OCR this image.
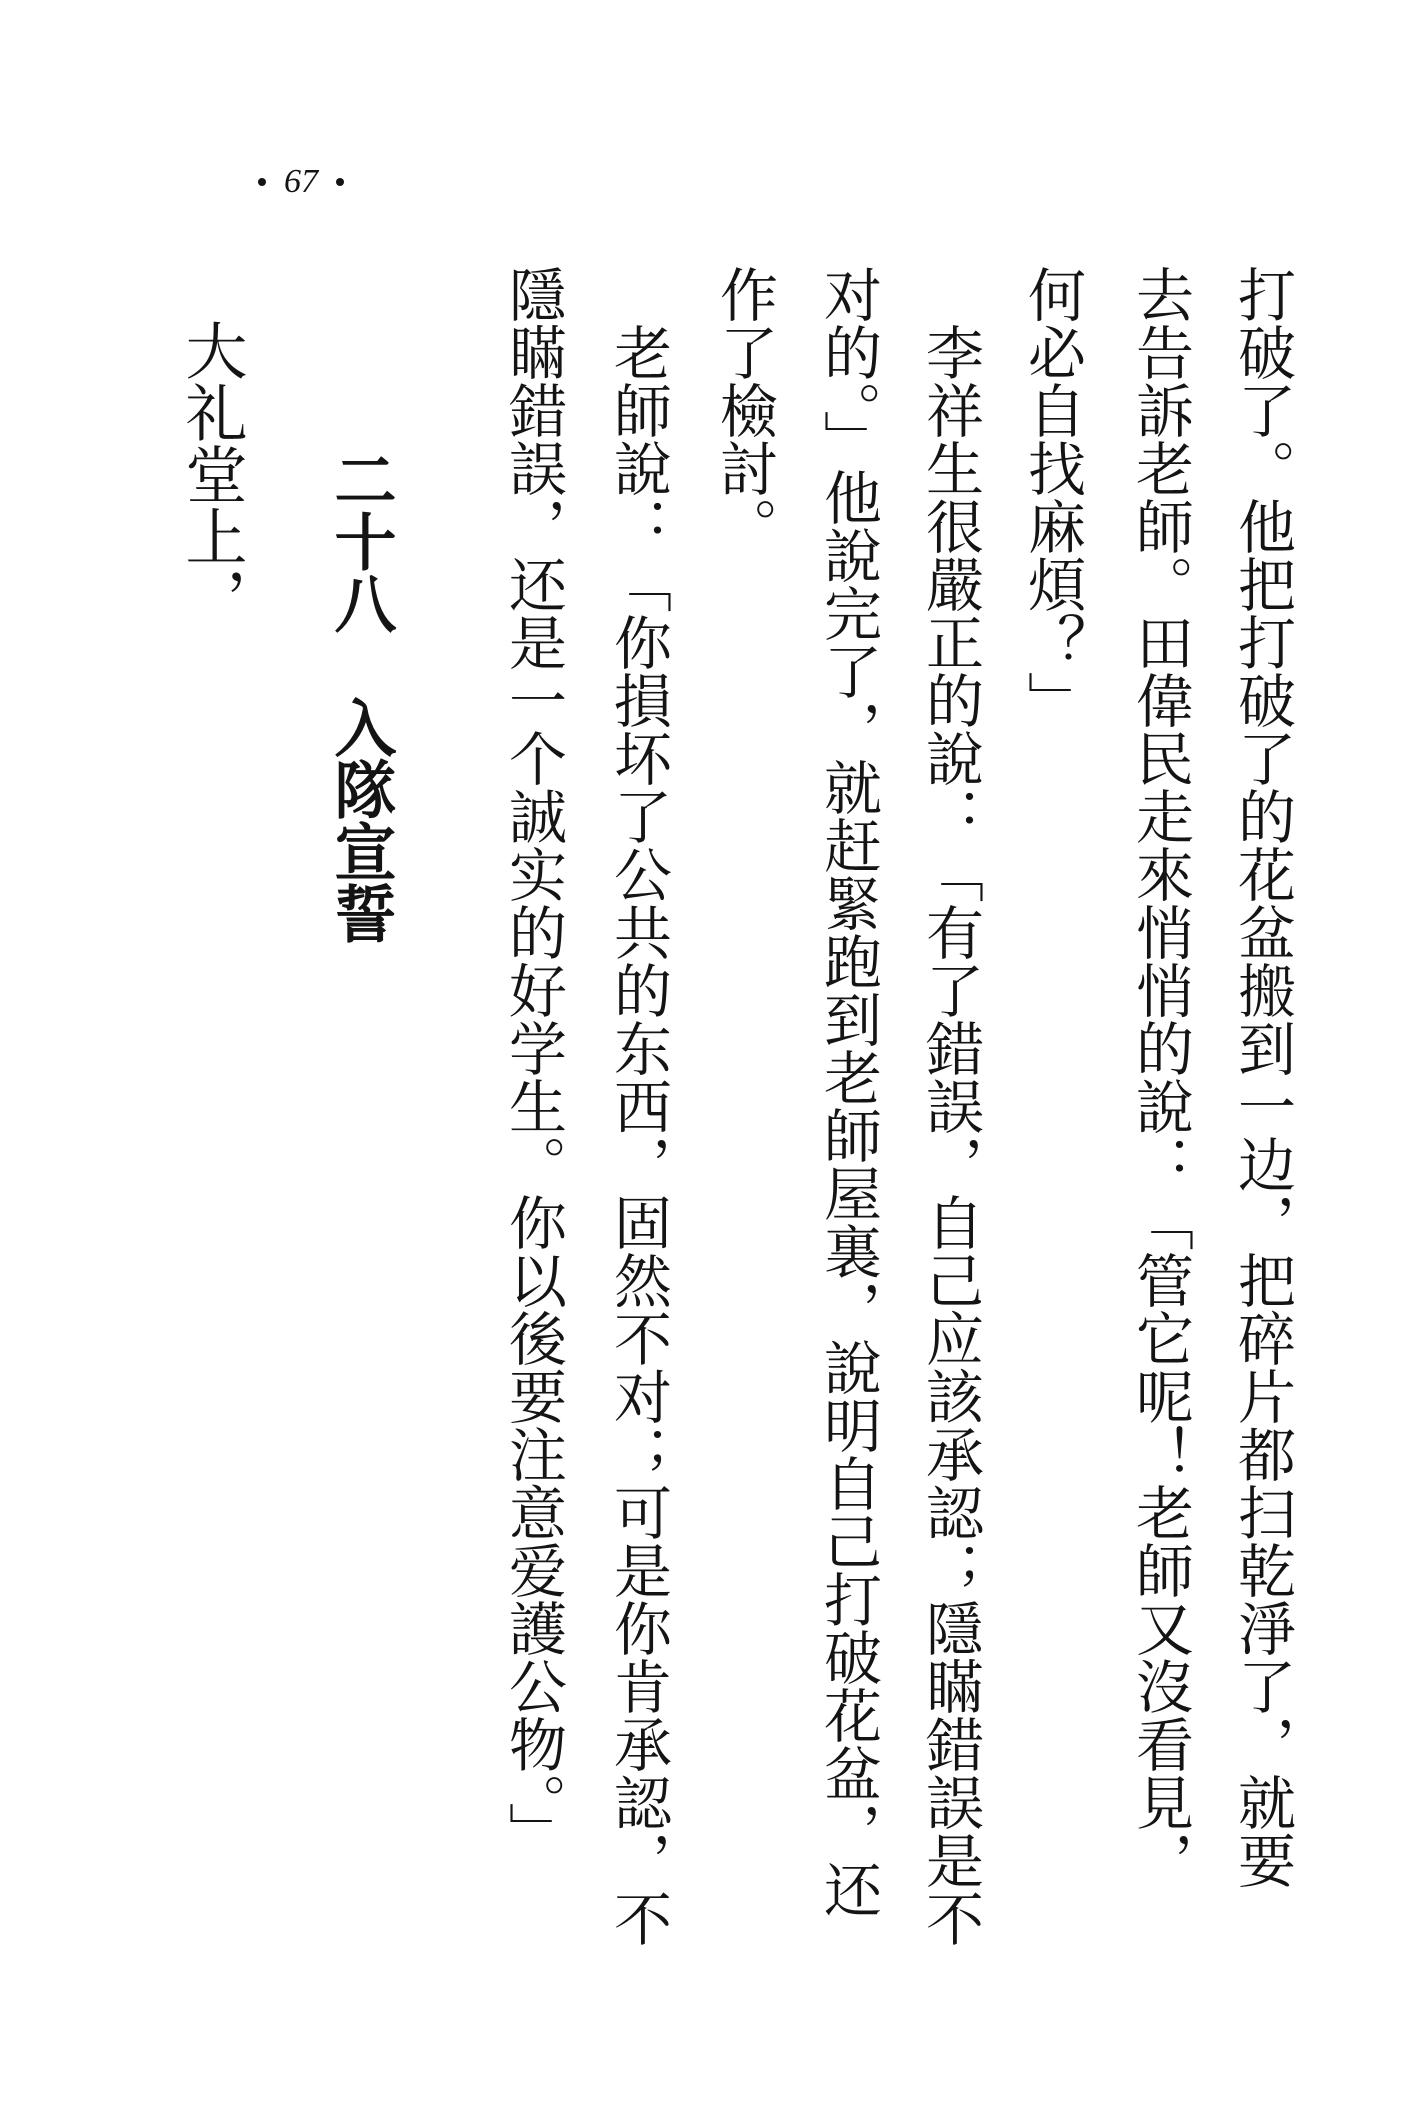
67
打破了。他把打破了的花盆搬到一边，把碎片都扫乾淨了，就要
去告訴老師。田偉民走來悄悄的說：「管它呢！老師又沒看見，
何必自找麻煩？」
李祥生很嚴正的說：「有了錯誤，自己应該承認；隱瞞錯誤是不
对的。」他說完了，就赶緊跑到老師屋裏，說明自己打破花盆，还
作了檢討。
老師說：「你損坏了公共的东西，固然不对；可是你肯承認，不
隱瞞錯誤，还是一个誠实的好学生。你以後要注意爱護公物。」
二十八入隊宣誓
大礼堂上，
